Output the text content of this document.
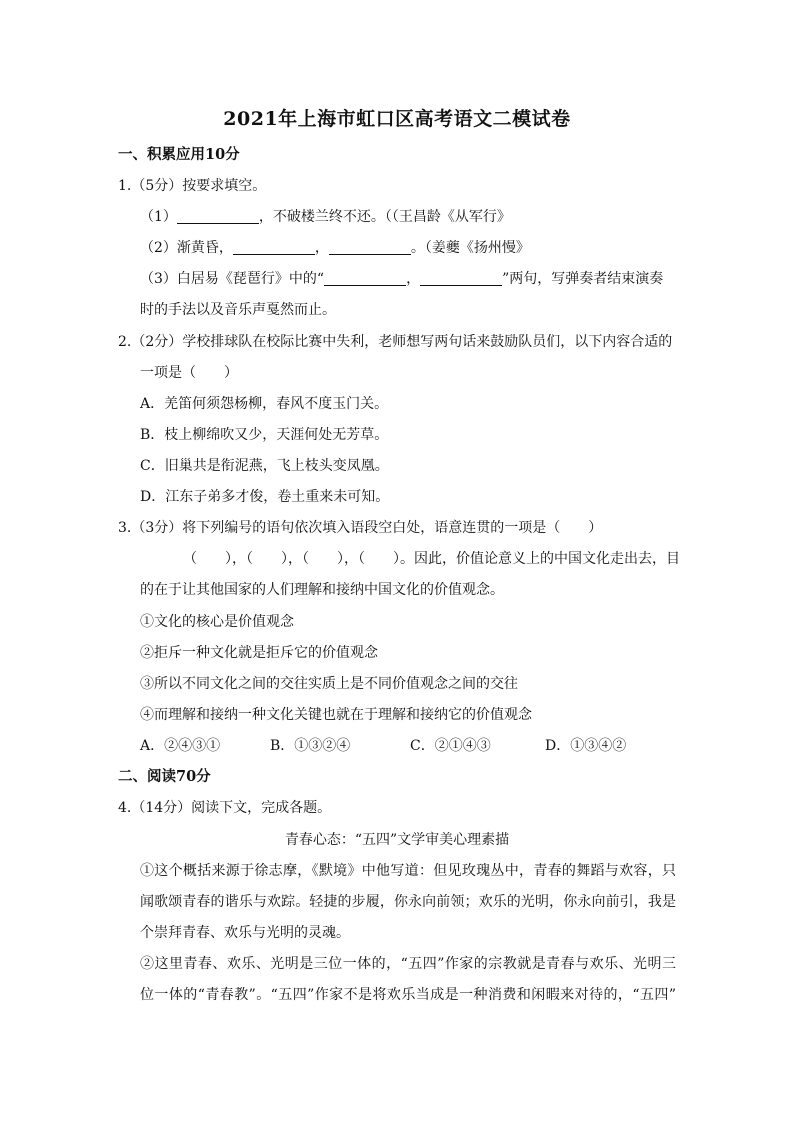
2021年上海市虹口区高考语文二模试卷
一、积累应用10分
1.（5分）按要求填空。
（1）	，不破楼兰终不还。（（王昌龄《从军行》
（2）渐黄昏，	，	。（姜夔《扬州慢》
（3）白居易《琵琶行》中的“	，	”两句，写弹奏者结束演奏
时的手法以及音乐声戛然而止。
2.（2分）学校排球队在校际比赛中失利，老师想写两句话来鼓励队员们，以下内容合适的
一项是（　　）
A．羌笛何须怨杨柳，春风不度玉门关。
B．枝上柳绵吹又少，天涯何处无芳草。
C．旧巢共是衔泥燕，飞上枝头变凤凰。
D．江东子弟多才俊，卷土重来未可知。
3.（3分）将下列编号的语句依次填入语段空白处，语意连贯的一项是（　　）
（　　），（　　），（　　），（　　）。因此，价值论意义上的中国文化走出去，目
的在于让其他国家的人们理解和接纳中国文化的价值观念。
①文化的核心是价值观念
②拒斥一种文化就是拒斥它的价值观念
③所以不同文化之间的交往实质上是不同价值观念之间的交往
④而理解和接纳一种文化关键也就在于理解和接纳它的价值观念
A．②④③①	B．①③②④	C．②①④③	D．①③④②
二、阅读70分
4.（14分）阅读下文，完成各题。
青春心态：“五四”文学审美心理素描
①这个概括来源于徐志摩，《默境》中他写道：但见玫瑰丛中，青春的舞蹈与欢容，只
闻歌颂青春的谐乐与欢踪。轻捷的步履，你永向前领；欢乐的光明，你永向前引，我是
个崇拜青春、欢乐与光明的灵魂。
②这里青春、欢乐、光明是三位一体的，“五四”作家的宗教就是青春与欢乐、光明三
位一体的“青春教”。“五四”作家不是将欢乐当成是一种消费和闲暇来对待的，“五四”
